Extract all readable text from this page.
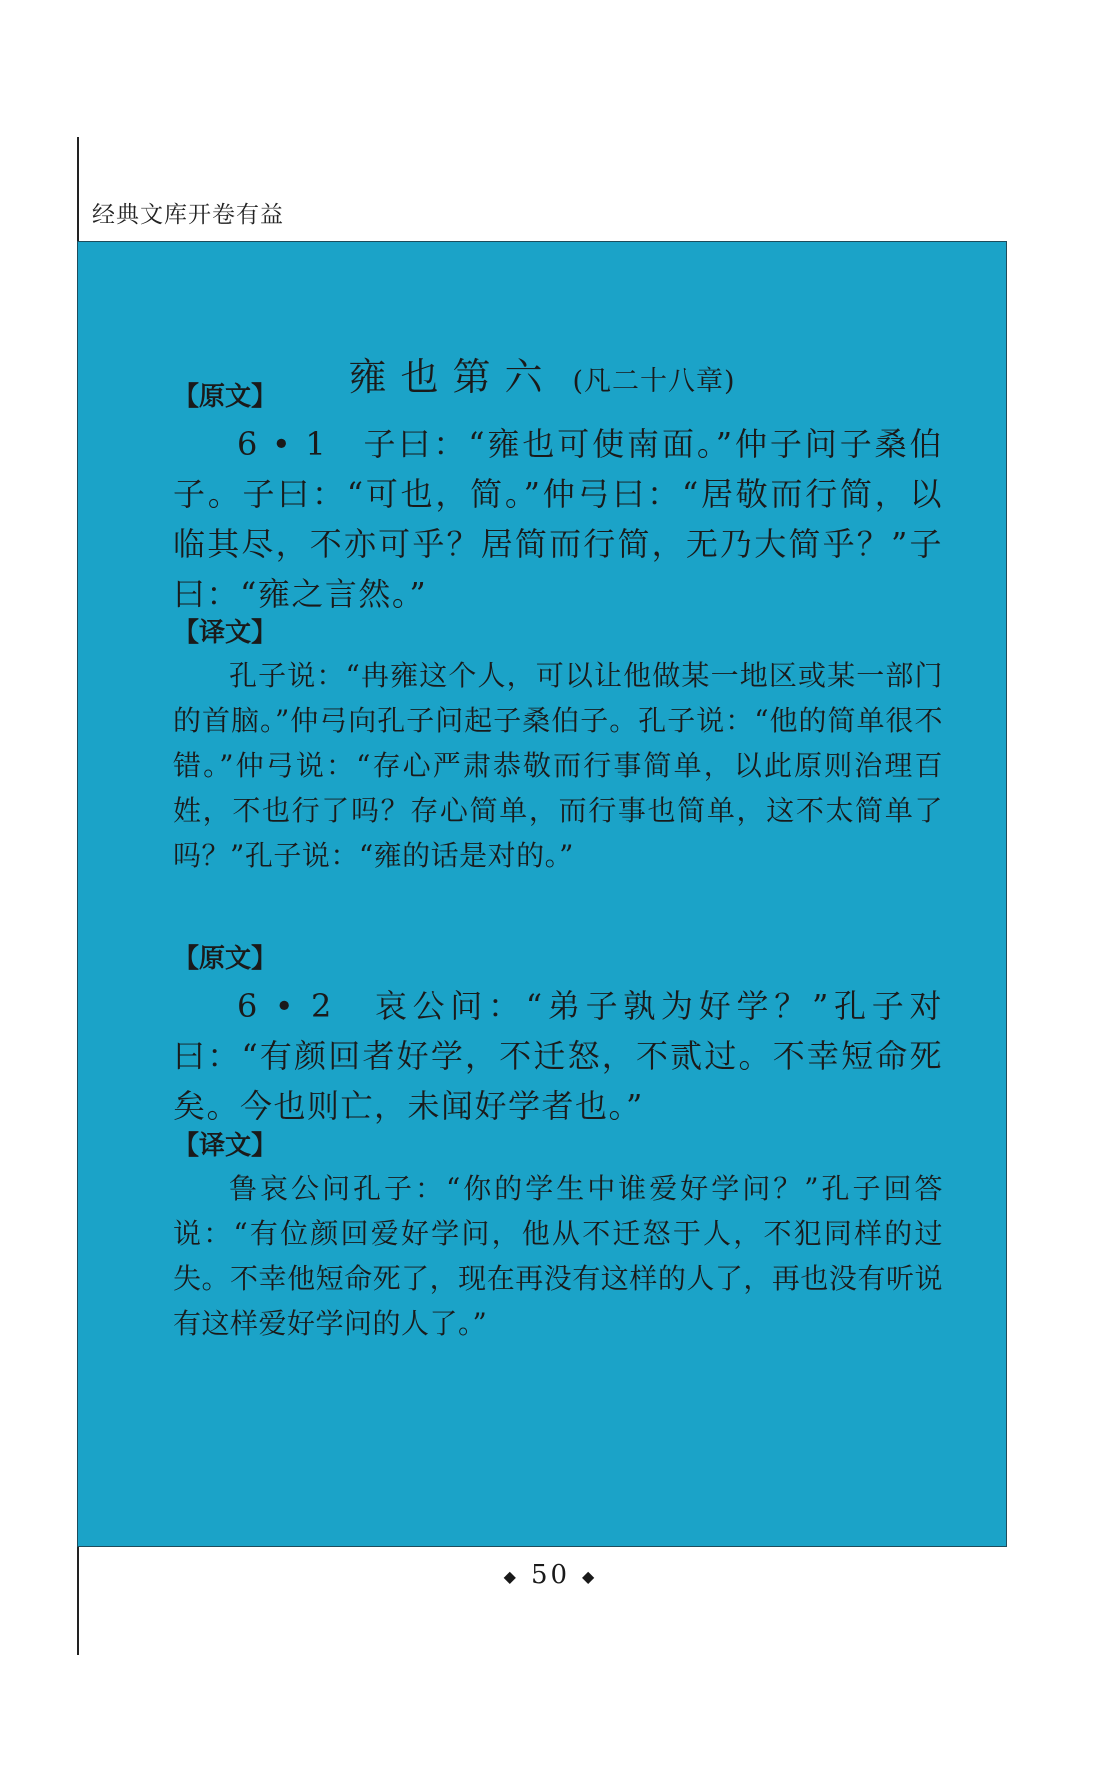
经典文库开卷有益
雍也第六 (凡二十八章)
【原文】

6 • 1　子曰：“雍也可使南面。”仲子问子桑伯子。子曰：“可也，简。”仲弓曰：“居敬而行简，以临其尽，不亦可乎？居简而行简，无乃大简乎？”子曰：“雍之言然。”

【译文】

孔子说：“冉雍这个人，可以让他做某一地区或某一部门的首脑。”仲弓向孔子问起子桑伯子。孔子说：“他的简单很不错。”仲弓说：“存心严肃恭敬而行事简单，以此原则治理百姓，不也行了吗？存心简单，而行事也简单，这不太简单了吗？”孔子说：“雍的话是对的。”

【原文】

6 • 2　哀公问：“弟子孰为好学？”孔子对曰：“有颜回者好学，不迁怒，不贰过。不幸短命死矣。今也则亡，未闻好学者也。”

【译文】

鲁哀公问孔子：“你的学生中谁爱好学问？”孔子回答说：“有位颜回爱好学问，他从不迁怒于人，不犯同样的过失。不幸他短命死了，现在再没有这样的人了，再也没有听说有这样爱好学问的人了。”

◆ 50 ◆
